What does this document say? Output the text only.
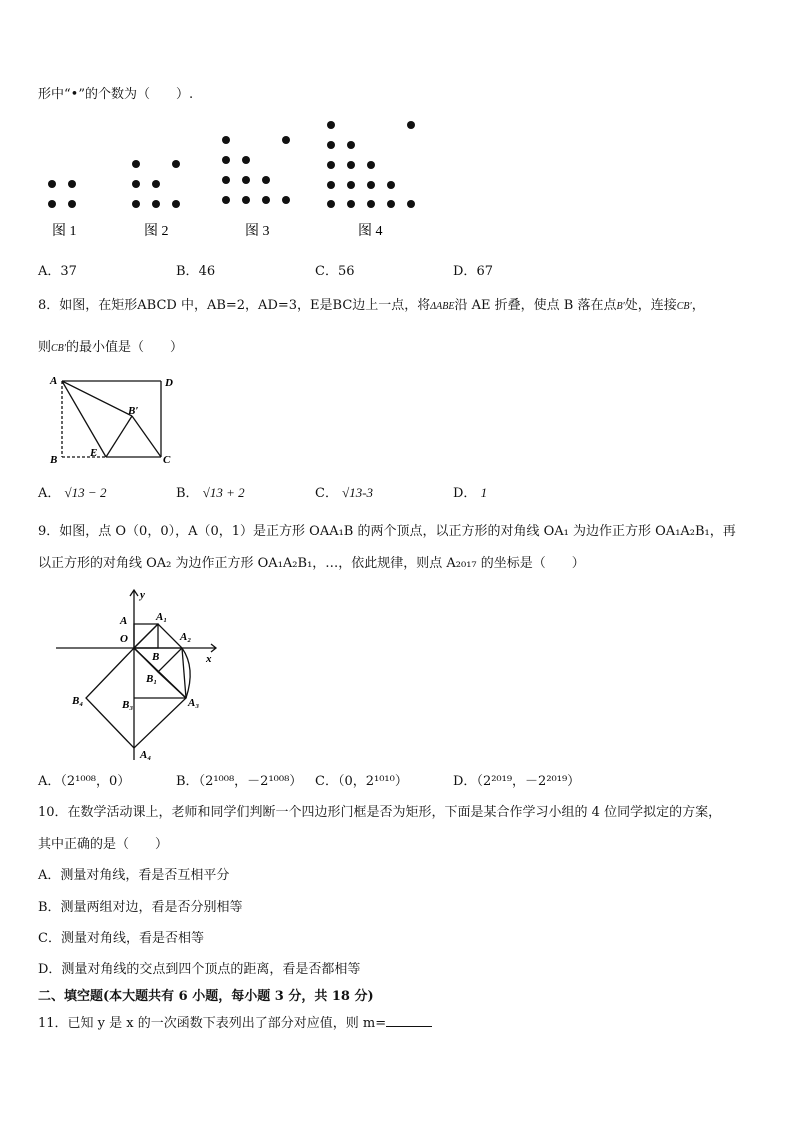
形中“•”的个数为（　　）.
图 1	图 2	图 3	图 4
A．37	B．46	C．56	D．67
8．如图，在矩形ABCD 中，AB=2，AD=3，E是BC边上一点，将ΔABE沿 AE 折叠，使点 B 落在点B′处，连接CB′，
则CB′的最小值是（　　）
A	D
B′
B
E
C
A． √13 − 2	B． √13 + 2	C． √13-3	D． 1
9．如图，点 O（0，0），A（0，1）是正方形 OAA₁B 的两个顶点，以正方形的对角线 OA₁ 为边作正方形 OA₁A₂B₁，再
以正方形的对角线 OA₂ 为边作正方形 OA₁A₂B₁，…，依此规律，则点 A₂₀₁₇ 的坐标是（　　）
y
x
A
O
A₁
A₂
B
B₁
B₃
B₄	A₃
A₄
A．（2¹⁰⁰⁸，0）	B．（2¹⁰⁰⁸，－2¹⁰⁰⁸） C．（0，2¹⁰¹⁰）	D．（2²⁰¹⁹，－2²⁰¹⁹）
10．在数学活动课上，老师和同学们判断一个四边形门框是否为矩形，下面是某合作学习小组的 4 位同学拟定的方案，
其中正确的是（　　）
A．测量对角线，看是否互相平分
B．测量两组对边，看是否分别相等
C．测量对角线，看是否相等
D．测量对角线的交点到四个顶点的距离，看是否都相等
二、填空题(本大题共有 6 小题，每小题 3 分，共 18 分)
11．已知 y 是 x 的一次函数下表列出了部分对应值，则 m=
